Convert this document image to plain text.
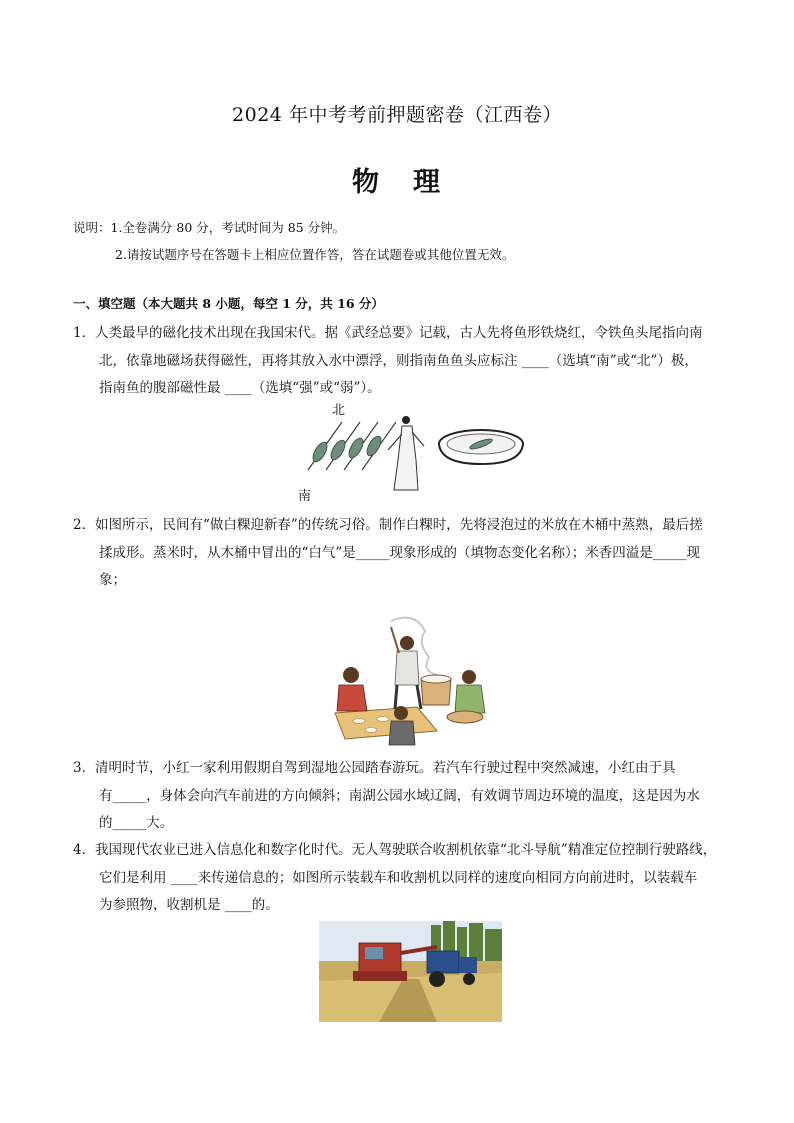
2024 年中考考前押题密卷（江西卷）
物 理
说明：1.全卷满分 80 分，考试时间为 85 分钟。
2.请按试题序号在答题卡上相应位置作答，答在试题卷或其他位置无效。
一、填空题（本大题共 8 小题，每空 1 分，共 16 分）
1．人类最早的磁化技术出现在我国宋代。据《武经总要》记载，古人先将鱼形铁烧红，令铁鱼头尾指向南
北，依靠地磁场获得磁性，再将其放入水中漂浮，则指南鱼鱼头应标注 ____（选填“南”或“北”）极，
指南鱼的腹部磁性最 ____（选填“强”或“弱”）。
北
南
2．如图所示，民间有“做白粿迎新春”的传统习俗。制作白粿时，先将浸泡过的米放在木桶中蒸熟，最后搓
揉成形。蒸米时，从木桶中冒出的“白气”是_____现象形成的（填物态变化名称）；米香四溢是_____现
象；
3．清明时节，小红一家利用假期自驾到湿地公园踏春游玩。若汽车行驶过程中突然减速，小红由于具
有_____，身体会向汽车前进的方向倾斜；南湖公园水域辽阔，有效调节周边环境的温度，这是因为水
的_____大。
4．我国现代农业已进入信息化和数字化时代。无人驾驶联合收割机依靠“北斗导航”精准定位控制行驶路线，
它们是利用 ____来传递信息的；如图所示装载车和收割机以同样的速度向相同方向前进时，以装载车
为参照物，收割机是 ____的。
